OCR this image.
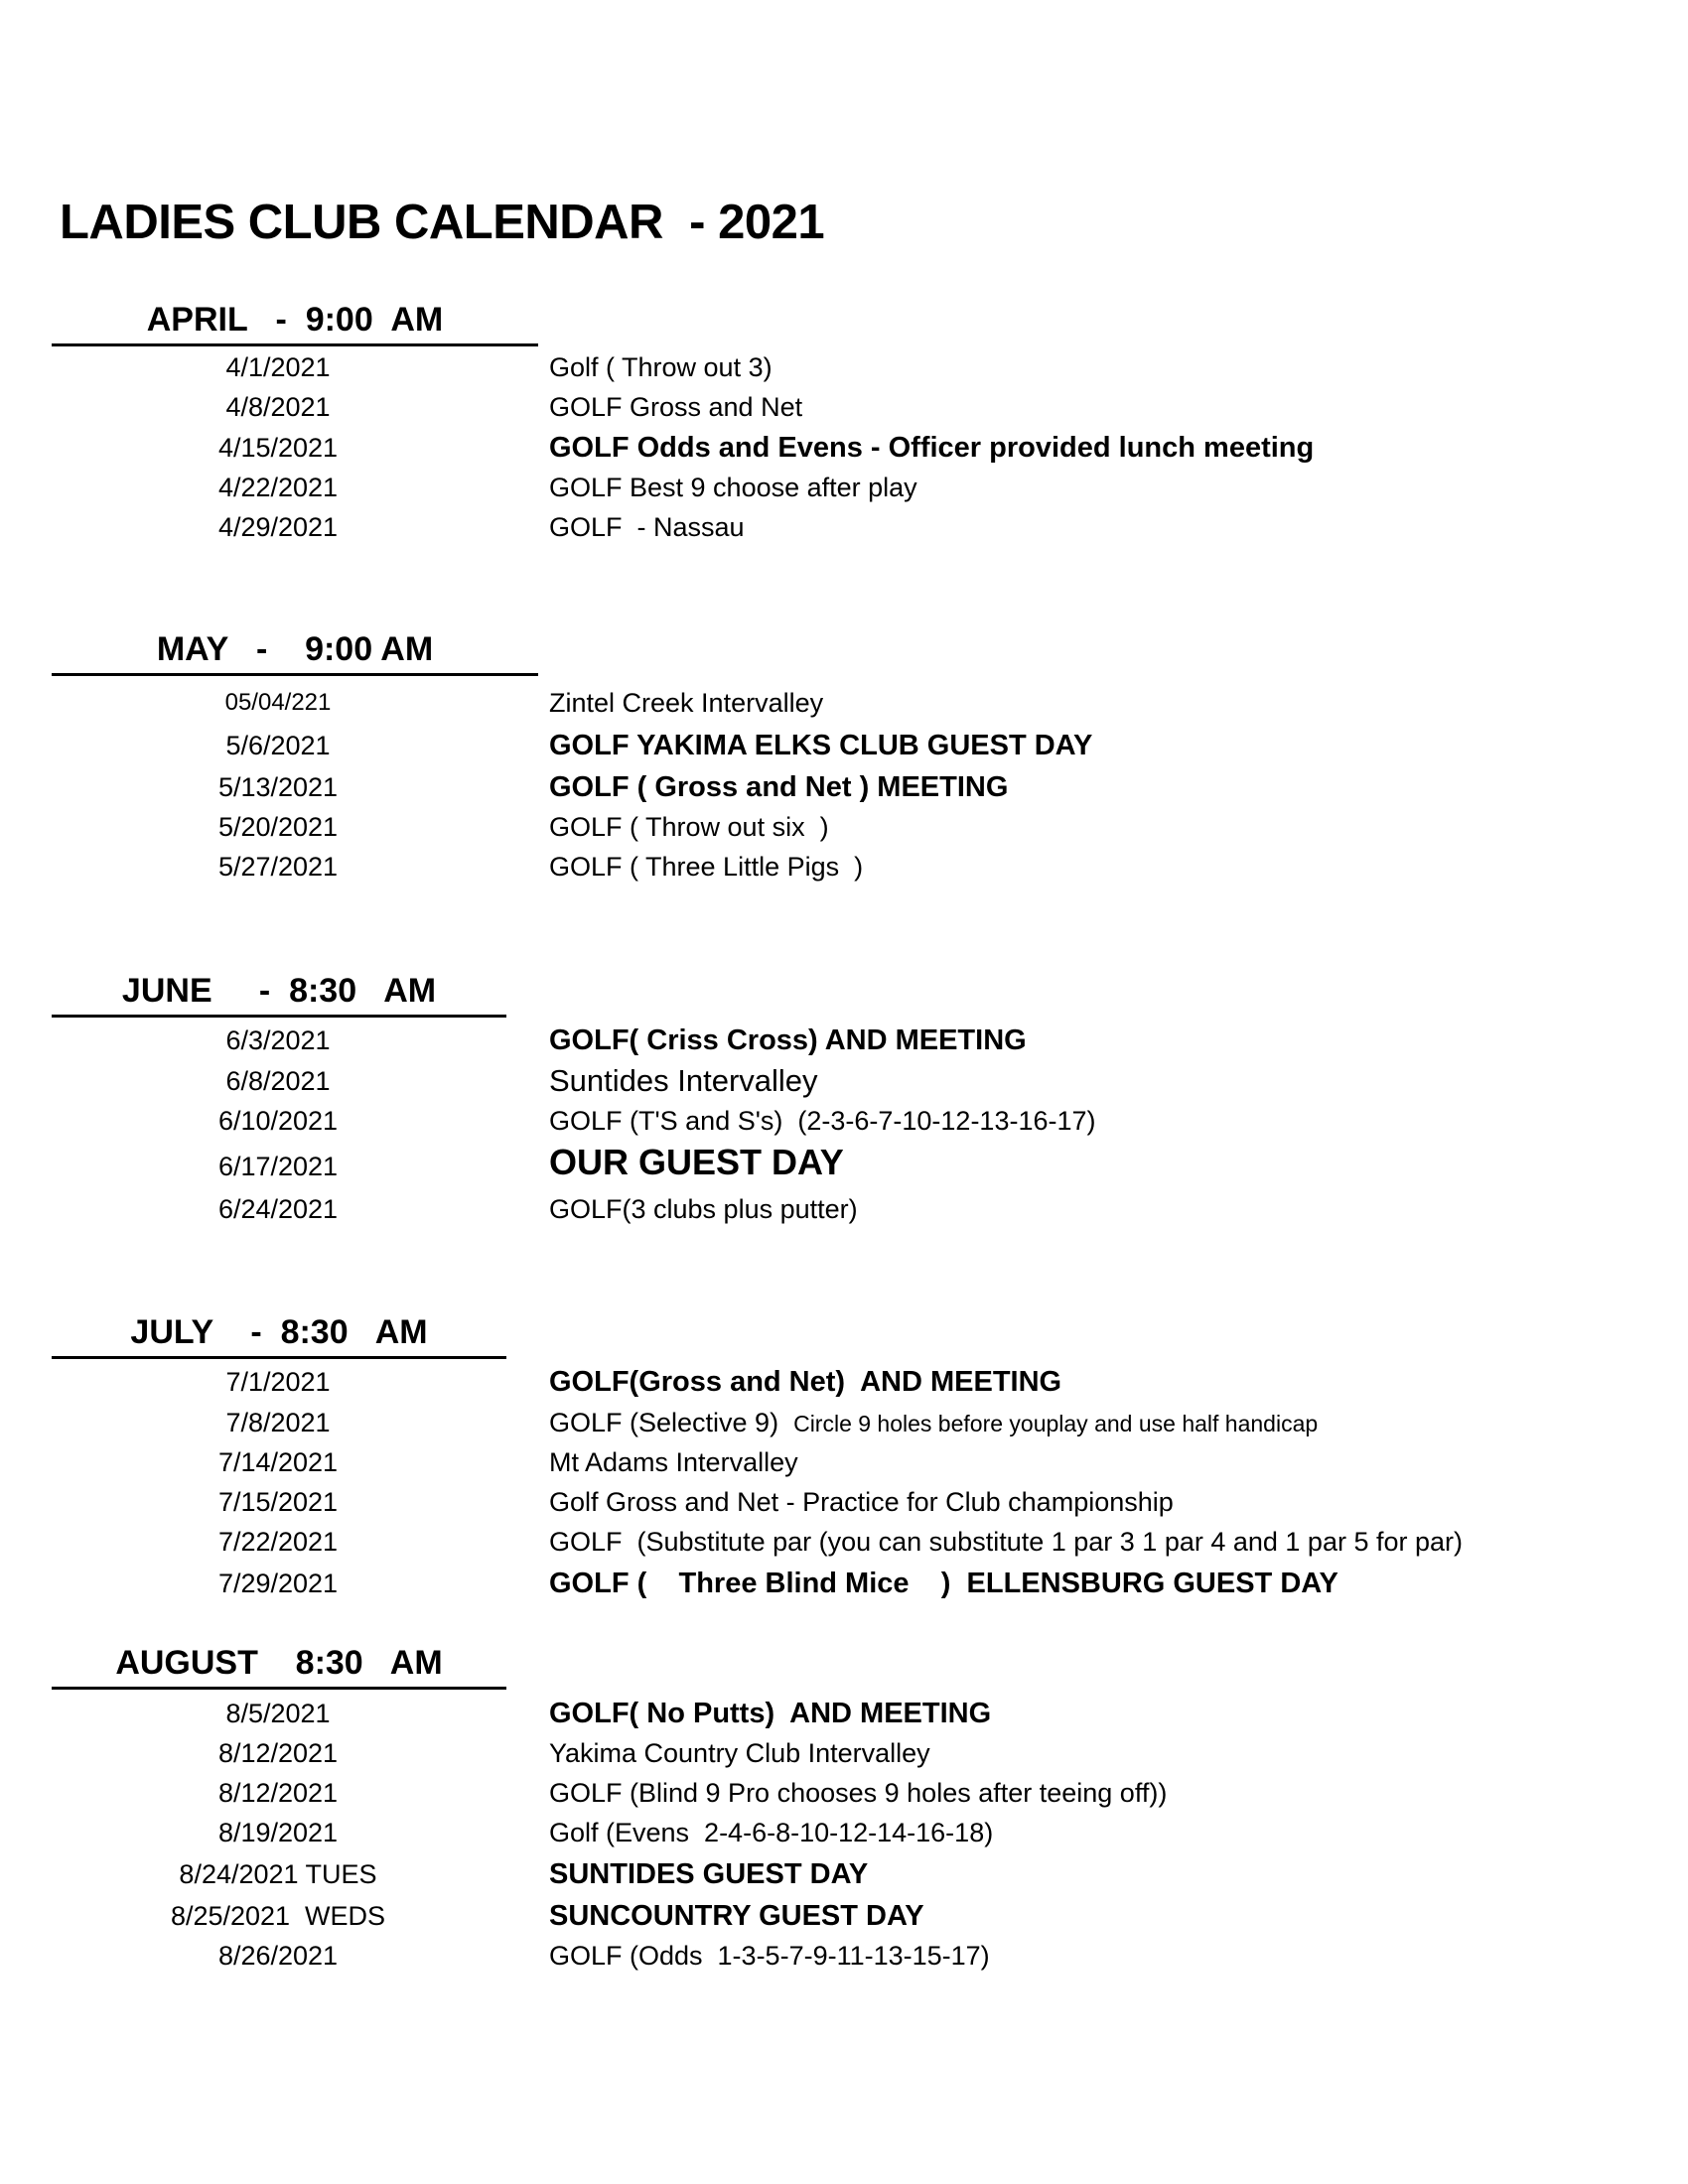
LADIES CLUB CALENDAR  - 2021
APRIL   -  9:00  AM
4/1/2021	Golf ( Throw out 3)
4/8/2021	GOLF Gross and Net
4/15/2021	GOLF Odds and Evens - Officer provided lunch meeting
4/22/2021	GOLF Best 9 choose after play
4/29/2021	GOLF  - Nassau
MAY   -    9:00 AM
05/04/221	Zintel Creek Intervalley
5/6/2021	GOLF YAKIMA ELKS CLUB GUEST DAY
5/13/2021	GOLF ( Gross and Net ) MEETING
5/20/2021	GOLF ( Throw out six  )
5/27/2021	GOLF ( Three Little Pigs  )
JUNE     -  8:30   AM
6/3/2021	GOLF( Criss Cross) AND MEETING
6/8/2021	Suntides Intervalley
6/10/2021	GOLF (T'S and S's)  (2-3-6-7-10-12-13-16-17)
6/17/2021	OUR GUEST DAY
6/24/2021	GOLF(3 clubs plus putter)
JULY    -  8:30   AM
7/1/2021	GOLF(Gross and Net)  AND MEETING
7/8/2021	GOLF (Selective 9)  Circle 9 holes before youplay and use half handicap
7/14/2021	Mt Adams Intervalley
7/15/2021	Golf Gross and Net - Practice for Club championship
7/22/2021	GOLF  (Substitute par (you can substitute 1 par 3 1 par 4 and 1 par 5 for par)
7/29/2021	GOLF (    Three Blind Mice    )  ELLENSBURG GUEST DAY
AUGUST    8:30   AM
8/5/2021	GOLF( No Putts)  AND MEETING
8/12/2021	Yakima Country Club Intervalley
8/12/2021	GOLF (Blind 9 Pro chooses 9 holes after teeing off))
8/19/2021	Golf (Evens  2-4-6-8-10-12-14-16-18)
8/24/2021 TUES	SUNTIDES GUEST DAY
8/25/2021  WEDS	SUNCOUNTRY GUEST DAY
8/26/2021	GOLF (Odds  1-3-5-7-9-11-13-15-17)
